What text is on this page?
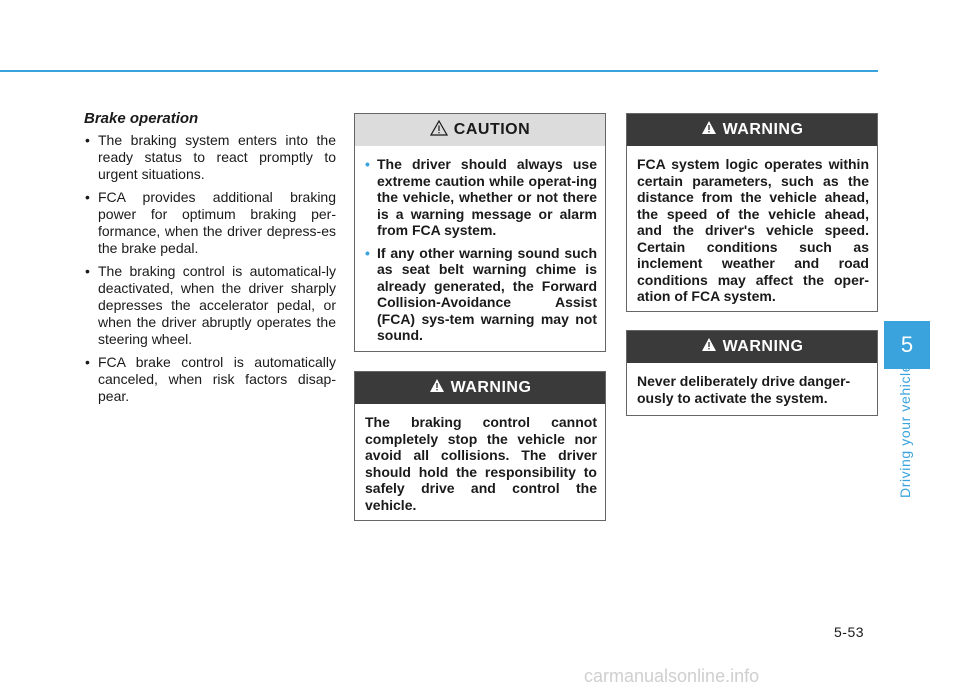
Brake operation
• The braking system enters into the ready status to react promptly to urgent situations.
• FCA provides additional braking power for optimum braking per-formance, when the driver depress-es the brake pedal.
• The braking control is automatical-ly deactivated, when the driver sharply depresses the accelerator pedal, or when the driver abruptly operates the steering wheel.
• FCA brake control is automatically canceled, when risk factors disap-pear.
CAUTION
• The driver should always use extreme caution while operat-ing the vehicle, whether or not there is a warning message or alarm from FCA system.
• If any other warning sound such as seat belt warning chime is already generated, the Forward Collision-Avoidance Assist (FCA) sys-tem warning may not sound.
WARNING
The braking control cannot completely stop the vehicle nor avoid all collisions. The driver should hold the responsibility to safely drive and control the vehicle.
WARNING
FCA system logic operates within certain parameters, such as the distance from the vehicle ahead, the speed of the vehicle ahead, and the driver's vehicle speed. Certain conditions such as inclement weather and road conditions may affect the oper-ation of FCA system.
WARNING
Never deliberately drive danger-ously to activate the system.
5
Driving your vehicle
5-53
carmanualsonline.info
